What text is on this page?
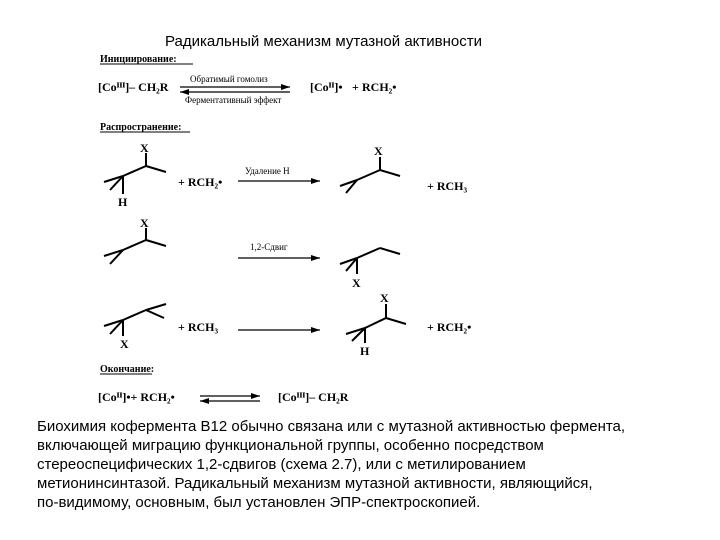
Радикальный механизм мутазной активности
Инициирование:
[Coᴵᴵᴵ]– CH₂R
Обратимый гомолиз
Ферментативный эффект
[Coᴵᴵ]• + RCH₂•
Распространение:
X
H
+ RCH₂•
Удаление Н
X
+ RCH₃
X
1,2-Сдвиг
X
X
+ RCH₃
X
H
+ RCH₂•
Окончание:
[Coᴵᴵ]•+ RCH₂•	[Coᴵᴵᴵ]– CH₂R

Биохимия кофермента B12 обычно связана или с мутазной активностью фермента,

включающей миграцию функциональной группы, особенно посредством

стереоспецифических 1,2-сдвигов (схема 2.7), или с метилированием

метионинсинтазой. Радикальный механизм мутазной активности, являющийся,

по-видимому, основным, был установлен ЭПР-спектроскопией.
